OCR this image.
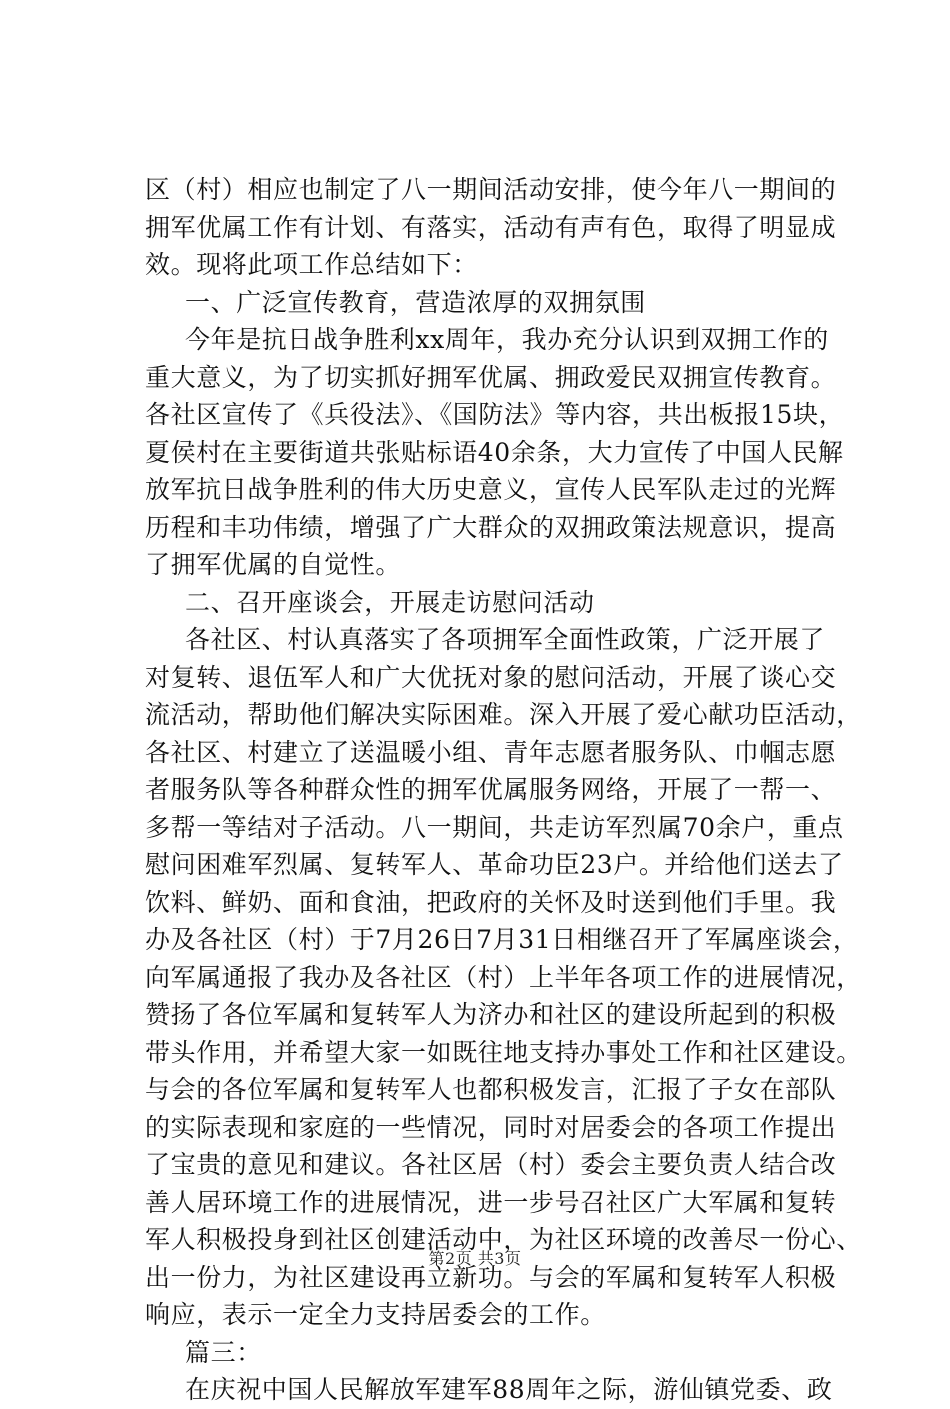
区（村）相应也制定了八一期间活动安排，使今年八一期间的
拥军优属工作有计划、有落实，活动有声有色，取得了明显成
效。现将此项工作总结如下：
一、广泛宣传教育，营造浓厚的双拥氛围
今年是抗日战争胜利xx周年，我办充分认识到双拥工作的
重大意义，为了切实抓好拥军优属、拥政爱民双拥宣传教育。
各社区宣传了《兵役法》、《国防法》等内容，共出板报15块，
夏侯村在主要街道共张贴标语40余条，大力宣传了中国人民解
放军抗日战争胜利的伟大历史意义，宣传人民军队走过的光辉
历程和丰功伟绩，增强了广大群众的双拥政策法规意识，提高
了拥军优属的自觉性。
二、召开座谈会，开展走访慰问活动
各社区、村认真落实了各项拥军全面性政策，广泛开展了
对复转、退伍军人和广大优抚对象的慰问活动，开展了谈心交
流活动，帮助他们解决实际困难。深入开展了爱心献功臣活动，
各社区、村建立了送温暖小组、青年志愿者服务队、巾帼志愿
者服务队等各种群众性的拥军优属服务网络，开展了一帮一、
多帮一等结对子活动。八一期间，共走访军烈属70余户，重点
慰问困难军烈属、复转军人、革命功臣23户。并给他们送去了
饮料、鲜奶、面和食油，把政府的关怀及时送到他们手里。我
办及各社区（村）于7月26日7月31日相继召开了军属座谈会，
向军属通报了我办及各社区（村）上半年各项工作的进展情况，
赞扬了各位军属和复转军人为济办和社区的建设所起到的积极
带头作用，并希望大家一如既往地支持办事处工作和社区建设。
与会的各位军属和复转军人也都积极发言，汇报了子女在部队
的实际表现和家庭的一些情况，同时对居委会的各项工作提出
了宝贵的意见和建议。各社区居（村）委会主要负责人结合改
善人居环境工作的进展情况，进一步号召社区广大军属和复转
军人积极投身到社区创建活动中，为社区环境的改善尽一份心、
出一份力，为社区建设再立新功。与会的军属和复转军人积极
响应，表示一定全力支持居委会的工作。
篇三：
在庆祝中国人民解放军建军88周年之际，游仙镇党委、政
第2页 共3页
